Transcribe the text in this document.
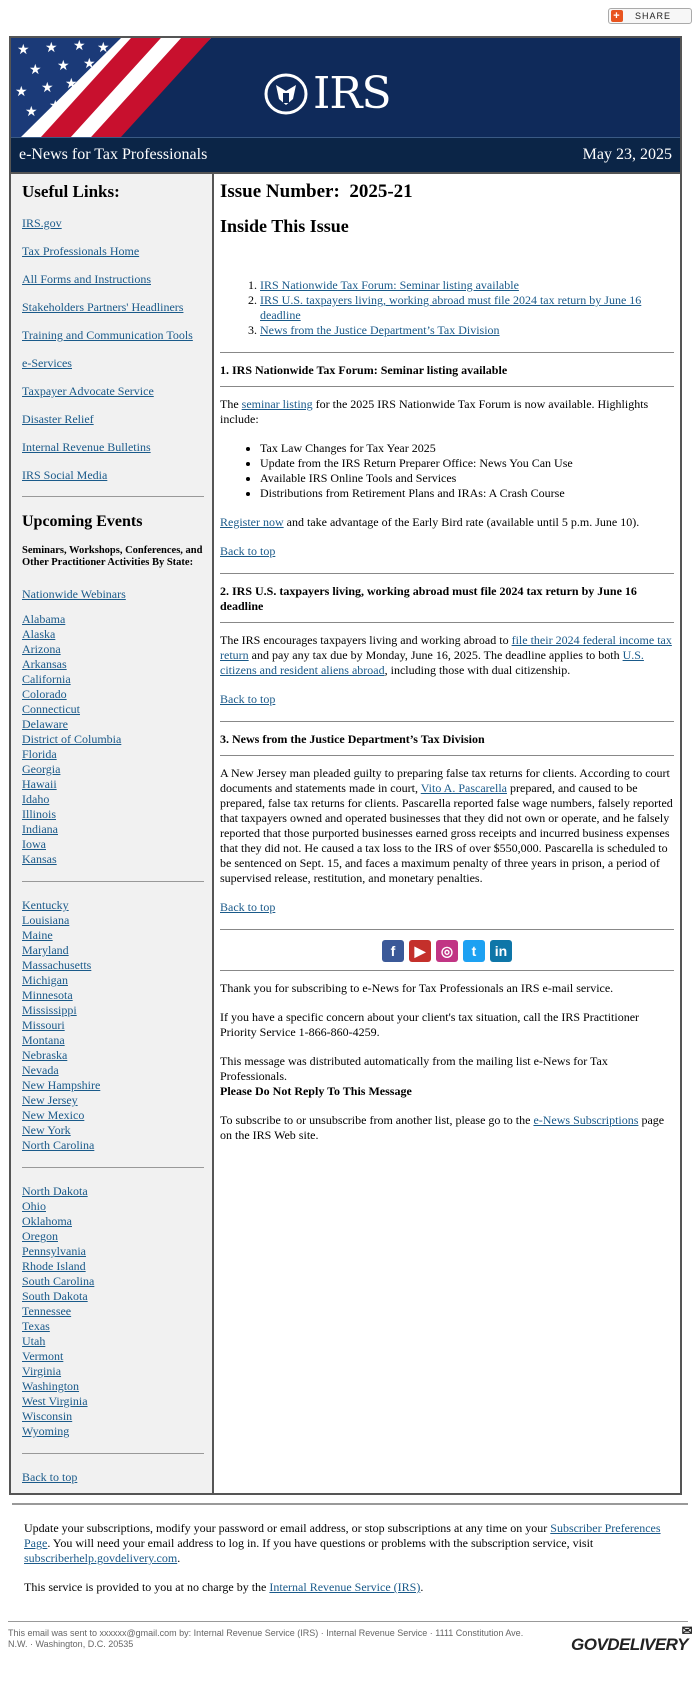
+ SHARE
★ ★ ★ ★
★ ★ ★
★ ★ ★
★ ★	IRS
e-News for Tax Professionals	May 23, 2025
Useful Links:
IRS.gov
Tax Professionals Home
All Forms and Instructions
Stakeholders Partners' Headliners
Training and Communication Tools
e-Services
Taxpayer Advocate Service
Disaster Relief
Internal Revenue Bulletins
IRS Social Media
Upcoming Events
Seminars, Workshops, Conferences, and Other Practitioner Activities By State:
Nationwide Webinars
Alabama
Alaska
Arizona
Arkansas
California
Colorado
Connecticut
Delaware
District of Columbia
Florida
Georgia
Hawaii
Idaho
Illinois
Indiana
Iowa
Kansas
Kentucky
Louisiana
Maine
Maryland
Massachusetts
Michigan
Minnesota
Mississippi
Missouri
Montana
Nebraska
Nevada
New Hampshire
New Jersey
New Mexico
New York
North Carolina
North Dakota
Ohio
Oklahoma
Oregon
Pennsylvania
Rhode Island
South Carolina
South Dakota
Tennessee
Texas
Utah
Vermont
Virginia
Washington
West Virginia
Wisconsin
Wyoming
Back to top
Issue Number: 2025-21
Inside This Issue
1. IRS Nationwide Tax Forum: Seminar listing available
2. IRS U.S. taxpayers living, working abroad must file 2024 tax return by June 16 deadline
3. News from the Justice Department’s Tax Division
1. IRS Nationwide Tax Forum: Seminar listing available

The seminar listing for the 2025 IRS Nationwide Tax Forum is now available. Highlights include:

• Tax Law Changes for Tax Year 2025
• Update from the IRS Return Preparer Office: News You Can Use
• Available IRS Online Tools and Services
• Distributions from Retirement Plans and IRAs: A Crash Course

Register now and take advantage of the Early Bird rate (available until 5 p.m. June 10).

Back to top

2. IRS U.S. taxpayers living, working abroad must file 2024 tax return by June 16 deadline

The IRS encourages taxpayers living and working abroad to file their 2024 federal income tax return and pay any tax due by Monday, June 16, 2025. The deadline applies to both U.S. citizens and resident aliens abroad, including those with dual citizenship.

Back to top

3. News from the Justice Department’s Tax Division

A New Jersey man pleaded guilty to preparing false tax returns for clients. According to court documents and statements made in court, Vito A. Pascarella prepared, and caused to be prepared, false tax returns for clients. Pascarella reported false wage numbers, falsely reported that taxpayers owned and operated businesses that they did not own or operate, and he falsely reported that those purported businesses earned gross receipts and incurred business expenses that they did not. He caused a tax loss to the IRS of over $550,000. Pascarella is scheduled to be sentenced on Sept. 15, and faces a maximum penalty of three years in prison, a period of supervised release, restitution, and monetary penalties.

Back to top

f	▶	◎	t	in

Thank you for subscribing to e-News for Tax Professionals an IRS e-mail service.

If you have a specific concern about your client's tax situation, call the IRS Practitioner Priority Service 1-866-860-4259.

This message was distributed automatically from the mailing list e-News for Tax Professionals.
Please Do Not Reply To This Message

To subscribe to or unsubscribe from another list, please go to the e-News Subscriptions page on the IRS Web site.

Update your subscriptions, modify your password or email address, or stop subscriptions at any time on your Subscriber Preferences Page. You will need your email address to log in. If you have questions or problems with the subscription service, visit subscriberhelp.govdelivery.com.

This service is provided to you at no charge by the Internal Revenue Service (IRS).

This email was sent to xxxxxx@gmail.com by: Internal Revenue Service (IRS) · Internal Revenue Service · 1111 Constitution Ave. N.W. · Washington, D.C. 20535	GOVDELIVERY
✉
